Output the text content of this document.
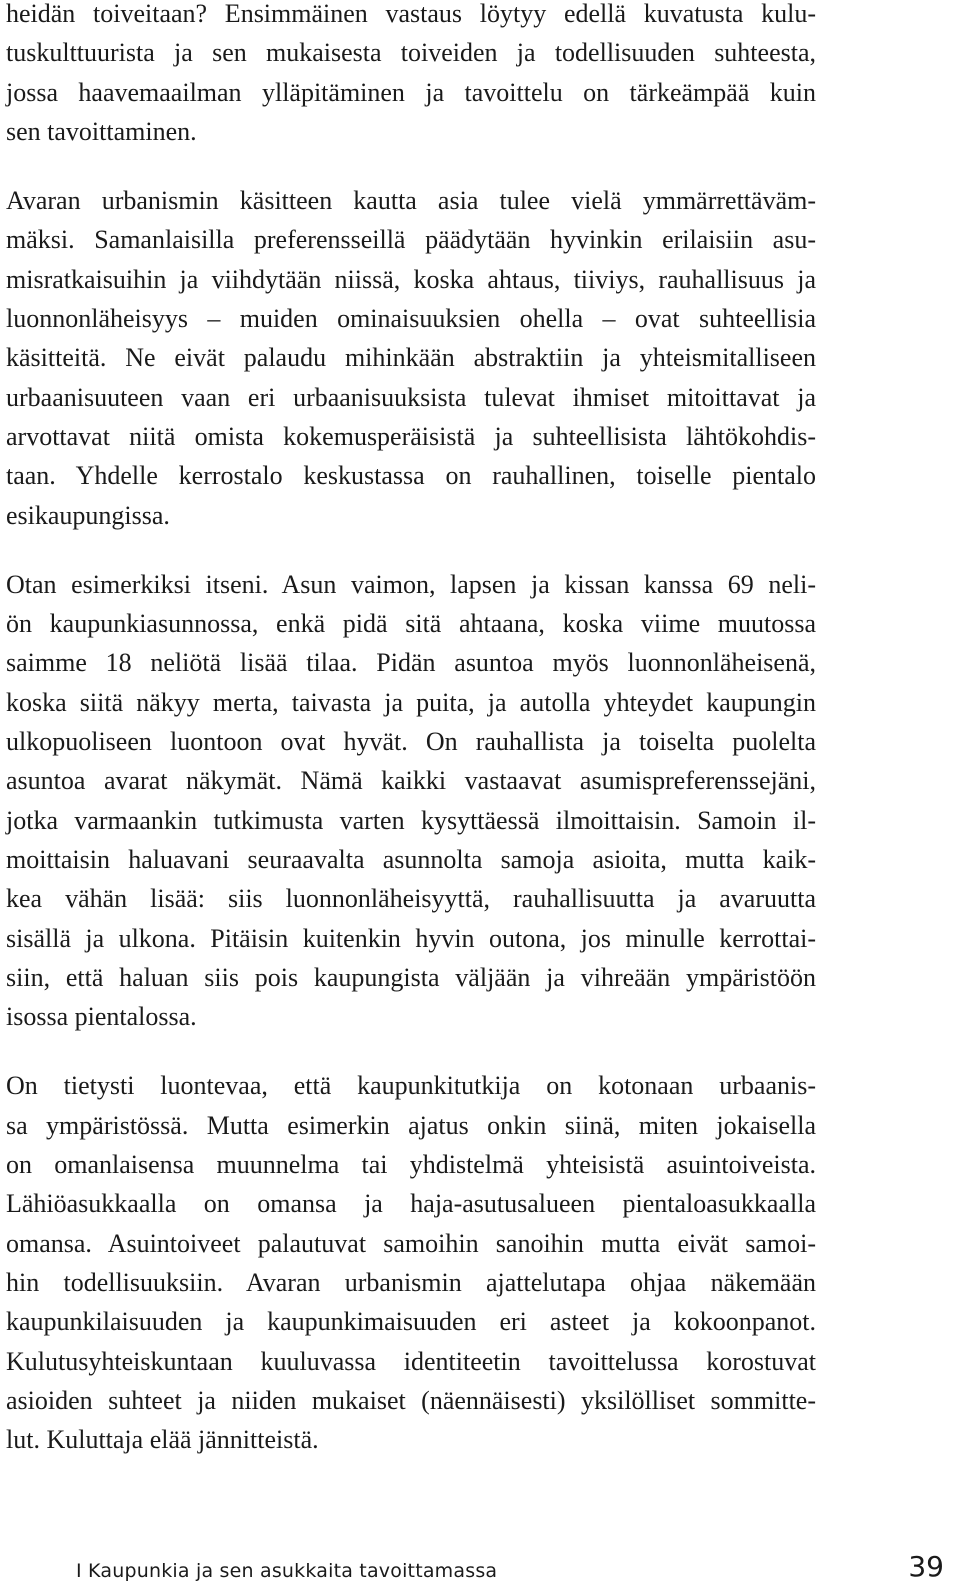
heidän toiveitaan? Ensimmäinen vastaus löytyy edellä kuvatusta kulu-
tuskulttuurista ja sen mukaisesta toiveiden ja todellisuuden suhteesta,
jossa haavemaailman ylläpitäminen ja tavoittelu on tärkeämpää kuin
sen tavoittaminen.

Avaran urbanismin käsitteen kautta asia tulee vielä ymmärrettäväm-
mäksi. Samanlaisilla preferensseillä päädytään hyvinkin erilaisiin asu-
misratkaisuihin ja viihdytään niissä, koska ahtaus, tiiviys, rauhallisuus ja
luonnonläheisyys – muiden ominaisuuksien ohella – ovat suhteellisia
käsitteitä. Ne eivät palaudu mihinkään abstraktiin ja yhteismitalliseen
urbaanisuuteen vaan eri urbaanisuuksista tulevat ihmiset mitoittavat ja
arvottavat niitä omista kokemusperäisistä ja suhteellisista lähtökohdis-
taan. Yhdelle kerrostalo keskustassa on rauhallinen, toiselle pientalo
esikaupungissa.

Otan esimerkiksi itseni. Asun vaimon, lapsen ja kissan kanssa 69 neli-
ön kaupunkiasunnossa, enkä pidä sitä ahtaana, koska viime muutossa
saimme 18 neliötä lisää tilaa. Pidän asuntoa myös luonnonläheisenä,
koska siitä näkyy merta, taivasta ja puita, ja autolla yhteydet kaupungin
ulkopuoliseen luontoon ovat hyvät. On rauhallista ja toiselta puolelta
asuntoa avarat näkymät. Nämä kaikki vastaavat asumispreferenssejäni,
jotka varmaankin tutkimusta varten kysyttäessä ilmoittaisin. Samoin il-
moittaisin haluavani seuraavalta asunnolta samoja asioita, mutta kaik-
kea vähän lisää: siis luonnonläheisyyttä, rauhallisuutta ja avaruutta
sisällä ja ulkona. Pitäisin kuitenkin hyvin outona, jos minulle kerrottai-
siin, että haluan siis pois kaupungista väljään ja vihreään ympäristöön
isossa pientalossa.

On tietysti luontevaa, että kaupunkitutkija on kotonaan urbaanis-
sa ympäristössä. Mutta esimerkin ajatus onkin siinä, miten jokaisella
on omanlaisensa muunnelma tai yhdistelmä yhteisistä asuintoiveista.
Lähiöasukkaalla on omansa ja haja-asutusalueen pientaloasukkaalla
omansa. Asuintoiveet palautuvat samoihin sanoihin mutta eivät samoi-
hin todellisuuksiin. Avaran urbanismin ajattelutapa ohjaa näkemään
kaupunkilaisuuden ja kaupunkimaisuuden eri asteet ja kokoonpanot.
Kulutusyhteiskuntaan kuuluvassa identiteetin tavoittelussa korostuvat
asioiden suhteet ja niiden mukaiset (näennäisesti) yksilölliset sommitte-
lut. Kuluttaja elää jännitteistä.

I Kaupunkia ja sen asukkaita tavoittamassa	39
